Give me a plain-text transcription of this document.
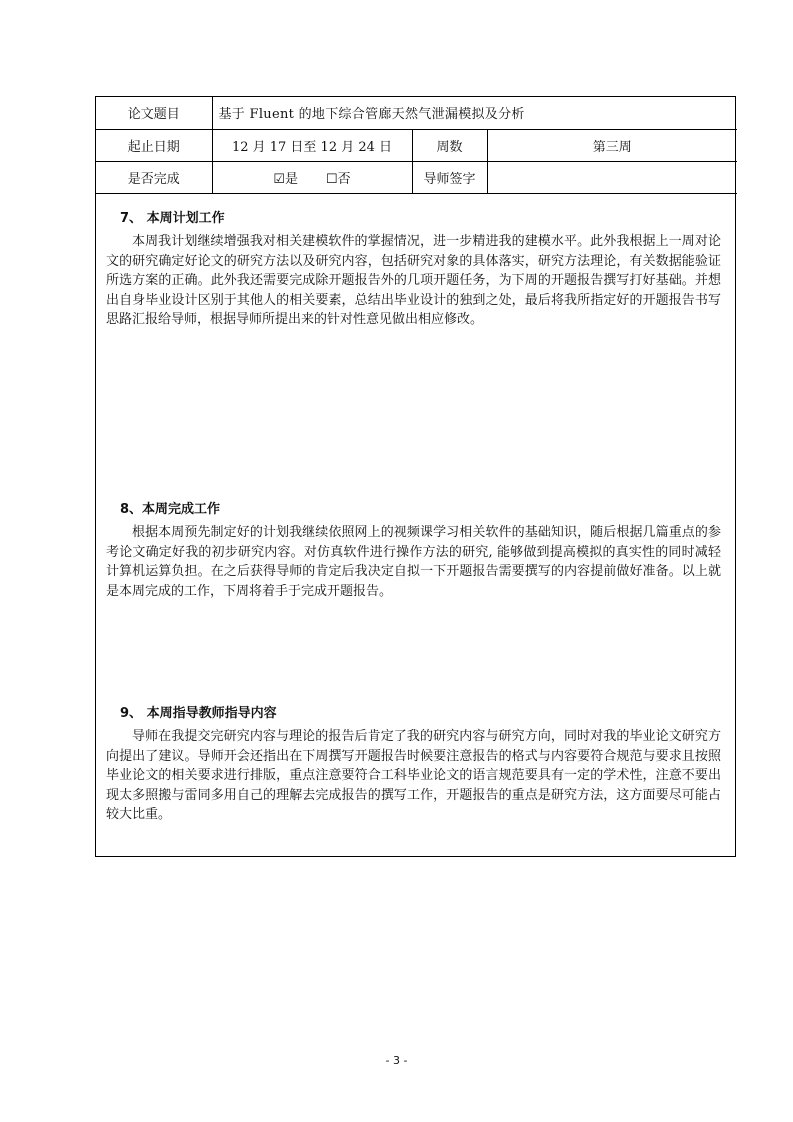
论文题目	基于 Fluent 的地下综合管廊天然气泄漏模拟及分析		
起止日期	12 月 17 日至 12 月 24 日	周数	第三周
是否完成	☑是 ☐否	导师签字	
7、 本周计划工作

本周我计划继续增强我对相关建模软件的掌握情况，进一步精进我的建模水平。此外我根据上一周对论文的研究确定好论文的研究方法以及研究内容，包括研究对象的具体落实，研究方法理论，有关数据能验证所选方案的正确。此外我还需要完成除开题报告外的几项开题任务，为下周的开题报告撰写打好基础。并想出自身毕业设计区别于其他人的相关要素，总结出毕业设计的独到之处，最后将我所指定好的开题报告书写思路汇报给导师，根据导师所提出来的针对性意见做出相应修改。

8、本周完成工作

根据本周预先制定好的计划我继续依照网上的视频课学习相关软件的基础知识，随后根据几篇重点的参考论文确定好我的初步研究内容。对仿真软件进行操作方法的研究, 能够做到提高模拟的真实性的同时减轻计算机运算负担。在之后获得导师的肯定后我决定自拟一下开题报告需要撰写的内容提前做好准备。以上就是本周完成的工作，下周将着手于完成开题报告。

9、 本周指导教师指导内容

导师在我提交完研究内容与理论的报告后肯定了我的研究内容与研究方向，同时对我的毕业论文研究方向提出了建议。导师开会还指出在下周撰写开题报告时候要注意报告的格式与内容要符合规范与要求且按照毕业论文的相关要求进行排版，重点注意要符合工科毕业论文的语言规范要具有一定的学术性，注意不要出现太多照搬与雷同多用自己的理解去完成报告的撰写工作，开题报告的重点是研究方法，这方面要尽可能占较大比重。

- 3 -
